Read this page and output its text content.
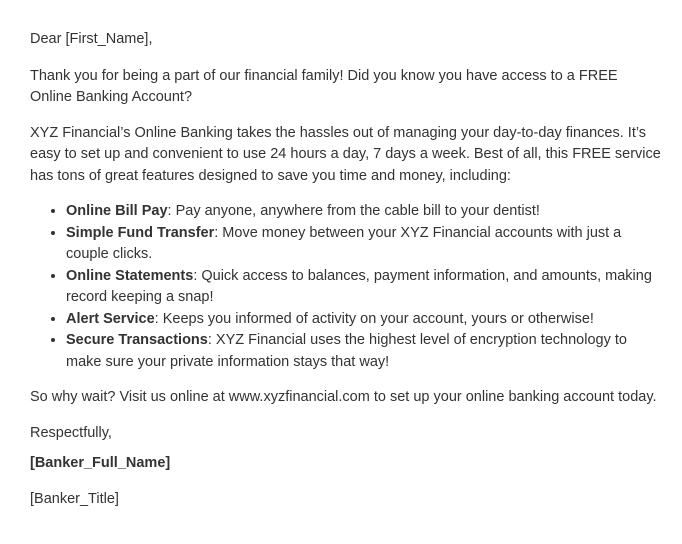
Dear [First_Name],

Thank you for being a part of our financial family! Did you know you have access to a FREE Online Banking Account?

XYZ Financial’s Online Banking takes the hassles out of managing your day-to-day finances. It’s easy to set up and convenient to use 24 hours a day, 7 days a week. Best of all, this FREE service has tons of great features designed to save you time and money, including:

• Online Bill Pay: Pay anyone, anywhere from the cable bill to your dentist!
• Simple Fund Transfer: Move money between your XYZ Financial accounts with just a couple clicks.
• Online Statements: Quick access to balances, payment information, and amounts, making record keeping a snap!
• Alert Service: Keeps you informed of activity on your account, yours or otherwise!
• Secure Transactions: XYZ Financial uses the highest level of encryption technology to make sure your private information stays that way!

So why wait? Visit us online at www.xyzfinancial.com to set up your online banking account today.

Respectfully,

[Banker_Full_Name]

[Banker_Title]
